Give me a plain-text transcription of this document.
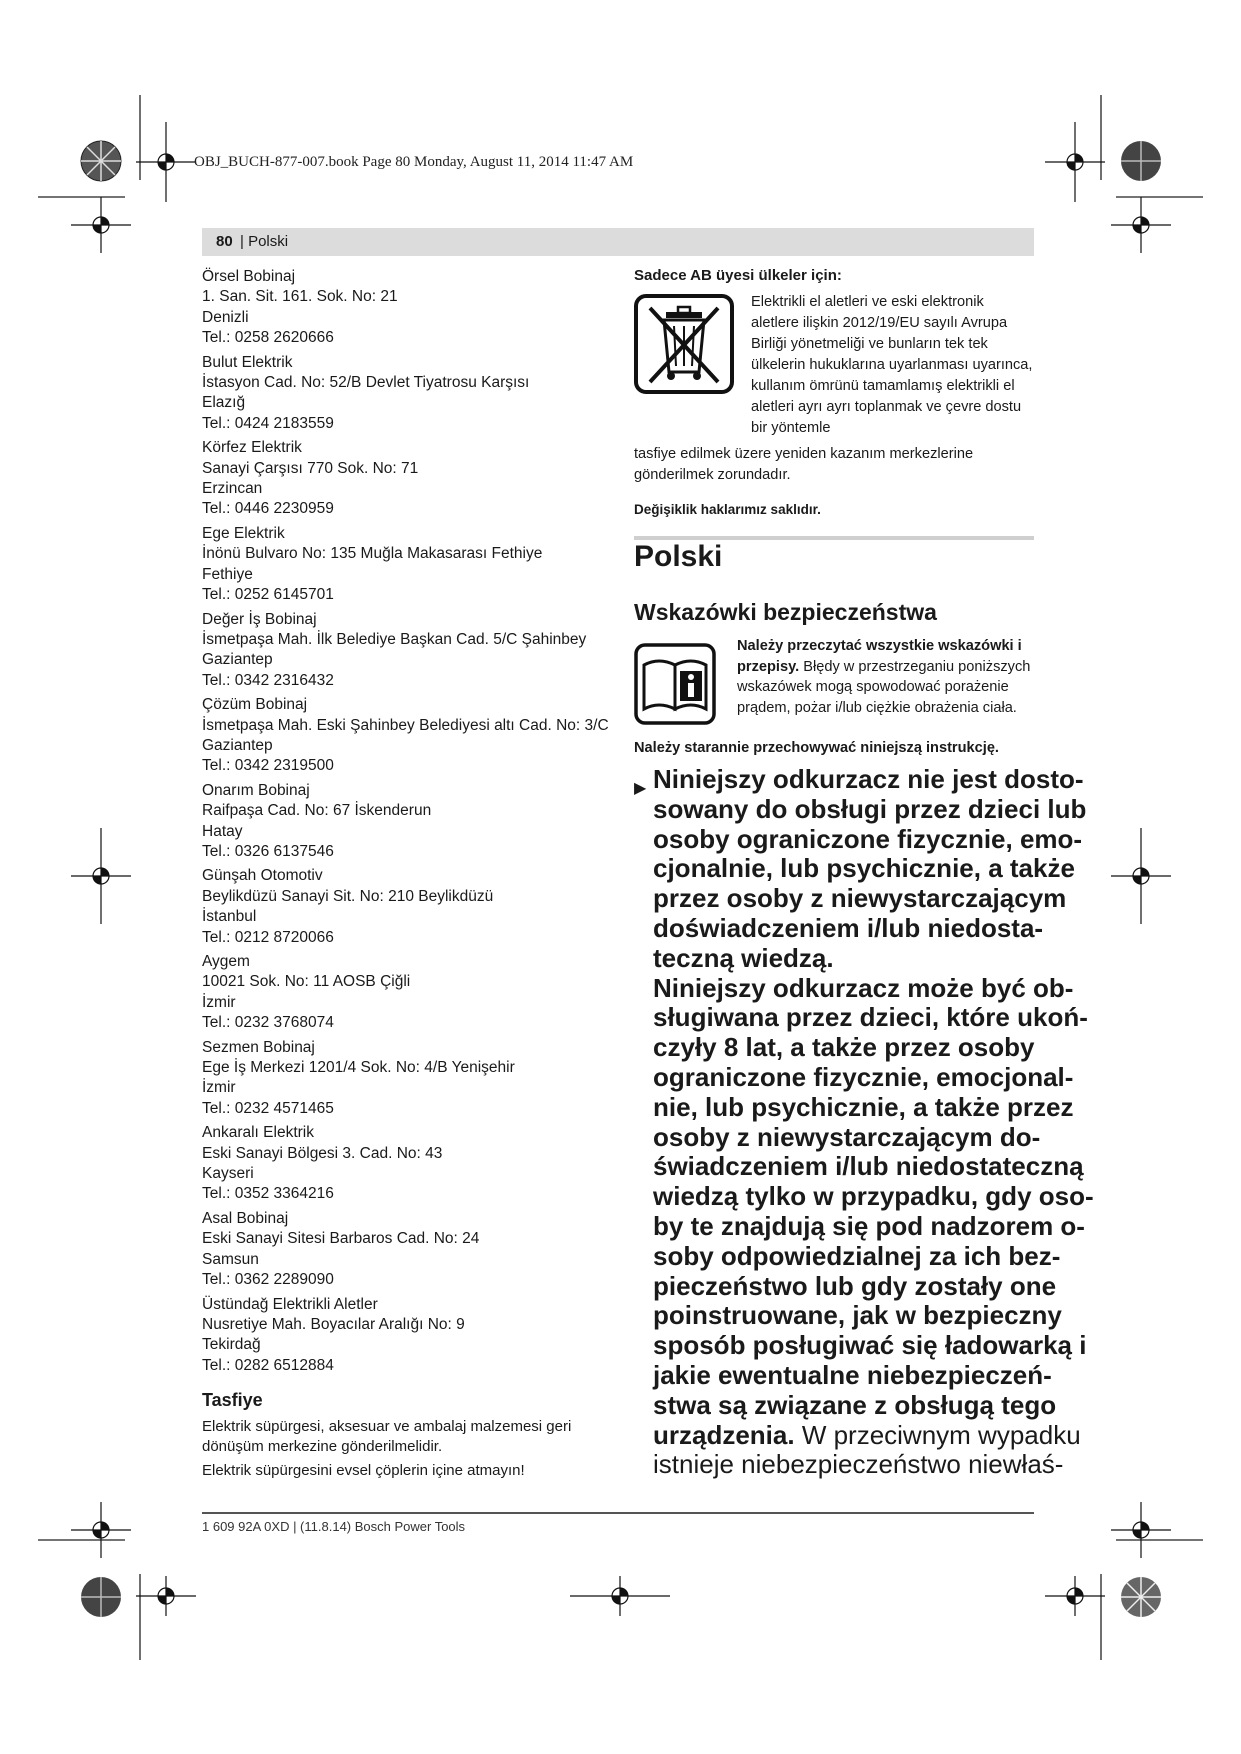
OBJ_BUCH-877-007.book Page 80 Monday, August 11, 2014 11:47 AM
80 | Polski
Örsel Bobinaj
1. San. Sit. 161. Sok. No: 21
Denizli
Tel.: 0258 2620666
Bulut Elektrik
İstasyon Cad. No: 52/B Devlet Tiyatrosu Karşısı
Elazığ
Tel.: 0424 2183559
Körfez Elektrik
Sanayi Çarşısı 770 Sok. No: 71
Erzincan
Tel.: 0446 2230959
Ege Elektrik
İnönü Bulvaro No: 135 Muğla Makasarası Fethiye
Fethiye
Tel.: 0252 6145701
Değer İş Bobinaj
İsmetpaşa Mah. İlk Belediye Başkan Cad. 5/C Şahinbey
Gaziantep
Tel.: 0342 2316432
Çözüm Bobinaj
İsmetpaşa Mah. Eski Şahinbey Belediyesi altı Cad. No: 3/C
Gaziantep
Tel.: 0342 2319500
Onarım Bobinaj
Raifpaşa Cad. No: 67 İskenderun
Hatay
Tel.: 0326 6137546
Günşah Otomotiv
Beylikdüzü Sanayi Sit. No: 210 Beylikdüzü
İstanbul
Tel.: 0212 8720066
Aygem
10021 Sok. No: 11 AOSB Çiğli
İzmir
Tel.: 0232 3768074
Sezmen Bobinaj
Ege İş Merkezi 1201/4 Sok. No: 4/B Yenişehir
İzmir
Tel.: 0232 4571465
Ankaralı Elektrik
Eski Sanayi Bölgesi 3. Cad. No: 43
Kayseri
Tel.: 0352 3364216
Asal Bobinaj
Eski Sanayi Sitesi Barbaros Cad. No: 24
Samsun
Tel.: 0362 2289090
Üstündağ Elektrikli Aletler
Nusretiye Mah. Boyacılar Aralığı No: 9
Tekirdağ
Tel.: 0282 6512884
Tasfiye
Elektrik süpürgesi, aksesuar ve ambalaj malzemesi geri dönüşüm merkezine gönderilmelidir.
Elektrik süpürgesini evsel çöplerin içine atmayın!
Sadece AB üyesi ülkeler için:
Elektrikli el aletleri ve eski elektronik aletlere ilişkin 2012/19/EU sayılı Avrupa Birliği yönetmeliği ve bunların tek tek ülkelerin hukuklarına uyarlanması uyarınca, kullanım ömrünü tamamlamış elektrikli el aletleri ayrı ayrı toplanmak ve çevre dostu bir yöntemle
tasfiye edilmek üzere yeniden kazanım merkezlerine gönderilmek zorundadır.
Değişiklik haklarımız saklıdır.
Polski
Wskazówki bezpieczeństwa
Należy przeczytać wszystkie wskazówki i przepisy. Błędy w przestrzeganiu poniższych wskazówek mogą spowodować porażenie prądem, pożar i/lub ciężkie obrażenia ciała.
Należy starannie przechowywać niniejszą instrukcję.
▶ Niniejszy odkurzacz nie jest dosto-
sowany do obsługi przez dzieci lub
osoby ograniczone fizycznie, emo-
cjonalnie, lub psychicznie, a także
przez osoby z niewystarczającym
doświadczeniem i/lub niedosta-
teczną wiedzą.
Niniejszy odkurzacz może być ob-
sługiwana przez dzieci, które ukoń-
czyły 8 lat, a także przez osoby
ograniczone fizycznie, emocjonal-
nie, lub psychicznie, a także przez
osoby z niewystarczającym do-
świadczeniem i/lub niedostateczną
wiedzą tylko w przypadku, gdy oso-
by te znajdują się pod nadzorem o-
soby odpowiedzialnej za ich bez-
pieczeństwo lub gdy zostały one
poinstruowane, jak w bezpieczny
sposób posługiwać się ładowarką i
jakie ewentualne niebezpieczeń-
stwa są związane z obsługą tego
urządzenia. W przeciwnym wypadku
istnieje niebezpieczeństwo niewłaś-
1 609 92A 0XD | (11.8.14) Bosch Power Tools
